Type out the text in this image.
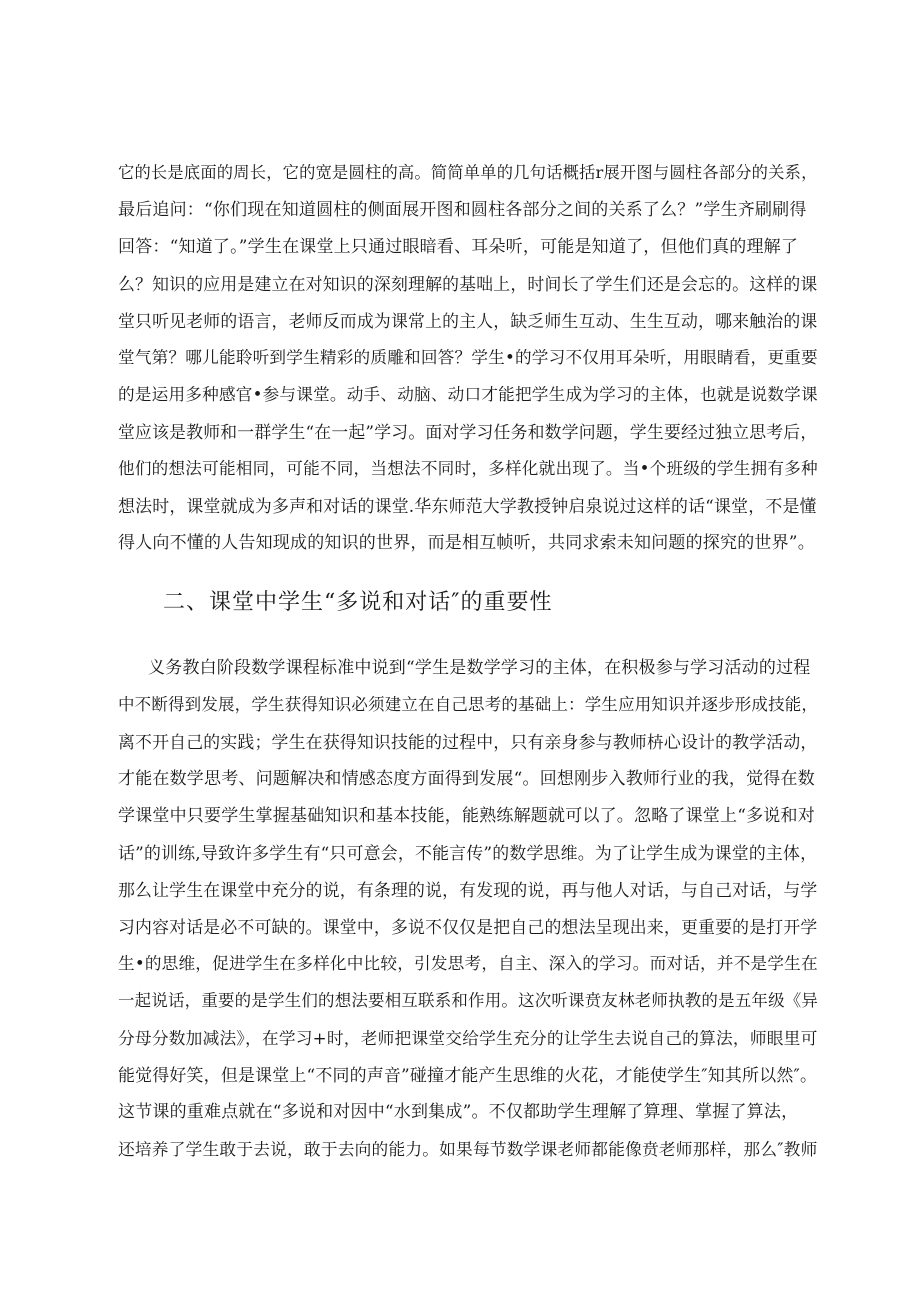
它的长是底面的周长，它的宽是圆柱的高。简简单单的几句话概括r展开图与圆柱各部分的关系，
最后追问：“你们现在知道圆柱的侧面展开图和圆柱各部分之间的关系了么？”学生齐刷刷得
回答：“知道了。”学生在课堂上只通过眼暗看、耳朵听，可能是知道了，但他们真的理解了
么？知识的应用是建立在对知识的深刻理解的基咄上，时间长了学生们还是会忘的。这样的课
堂只听见老师的语言，老师反而成为课常上的主人，缺乏师生互动、生生互动，哪来触治的课
堂气第？哪儿能聆听到学生精彩的质雕和回答？学生•的学习不仅用耳朵听，用眼睛看，更重要
的是运用多种感官•参与课堂。动手、动脑、动口才能把学生成为学习的主体，也就是说数学课
堂应该是教师和一群学生“在一起”学习。面对学习任务和数学问题，学生要经过独立思考后，
他们的想法可能相同，可能不同，当想法不同时，多样化就出现了。当•个班级的学生拥有多种
想法时，课堂就成为多声和对话的课堂.华东师范大学教授钟启泉说过这样的话“课堂，不是懂
得人向不懂的人告知现成的知识的世界，而是相互帧听，共同求索未知问题的探究的世界”。
二、课堂中学生“多说和对话″的重要性
义务教白阶段数学课程标准中说到“学生是数学学习的主体，在积极参与学习活动的过程
中不断得到发展，学生获得知识必须建立在自己思考的基础上：学生应用知识并逐步形成技能，
离不开自己的实践；学生在获得知识技能的过程中，只有亲身参与教师枿心设计的教学活动，
才能在数学思考、问题解决和情感态度方面得到发展“。回想刚步入教师行业的我，觉得在数
学课堂中只要学生掌握基础知识和基本技能，能熟练解题就可以了。忽略了课堂上“多说和对
话”的训练,导致许多学生有“只可意会，不能言传”的数学思维。为了让学生成为课堂的主体，
那么让学生在课堂中充分的说，有条理的说，有发现的说，再与他人对话，与自己对话，与学
习内容对话是必不可缺的。课堂中，多说不仅仅是把自己的想法呈现出来，更重要的是打开学
生•的思维，促进学生在多样化中比较，引发思考，自主、深入的学习。而对话，并不是学生在
一起说话，重要的是学生们的想法要相互联系和作用。这次听课贲友林老师执教的是五年级《异
分母分数加减法》，在学习+时，老师把课堂交给学生充分的让学生去说自己的算法，师眼里可
能觉得好笑，但是课堂上“不同的声音”碰撞才能产生思维的火花，才能使学生″知其所以然″。
这节课的重难点就在“多说和对因中“水到集成”。不仅都助学生理解了算理、掌握了算法，
还培养了学生敢于去说，敢于去向的能力。如果每节数学课老师都能像贲老师那样，那么″教师
